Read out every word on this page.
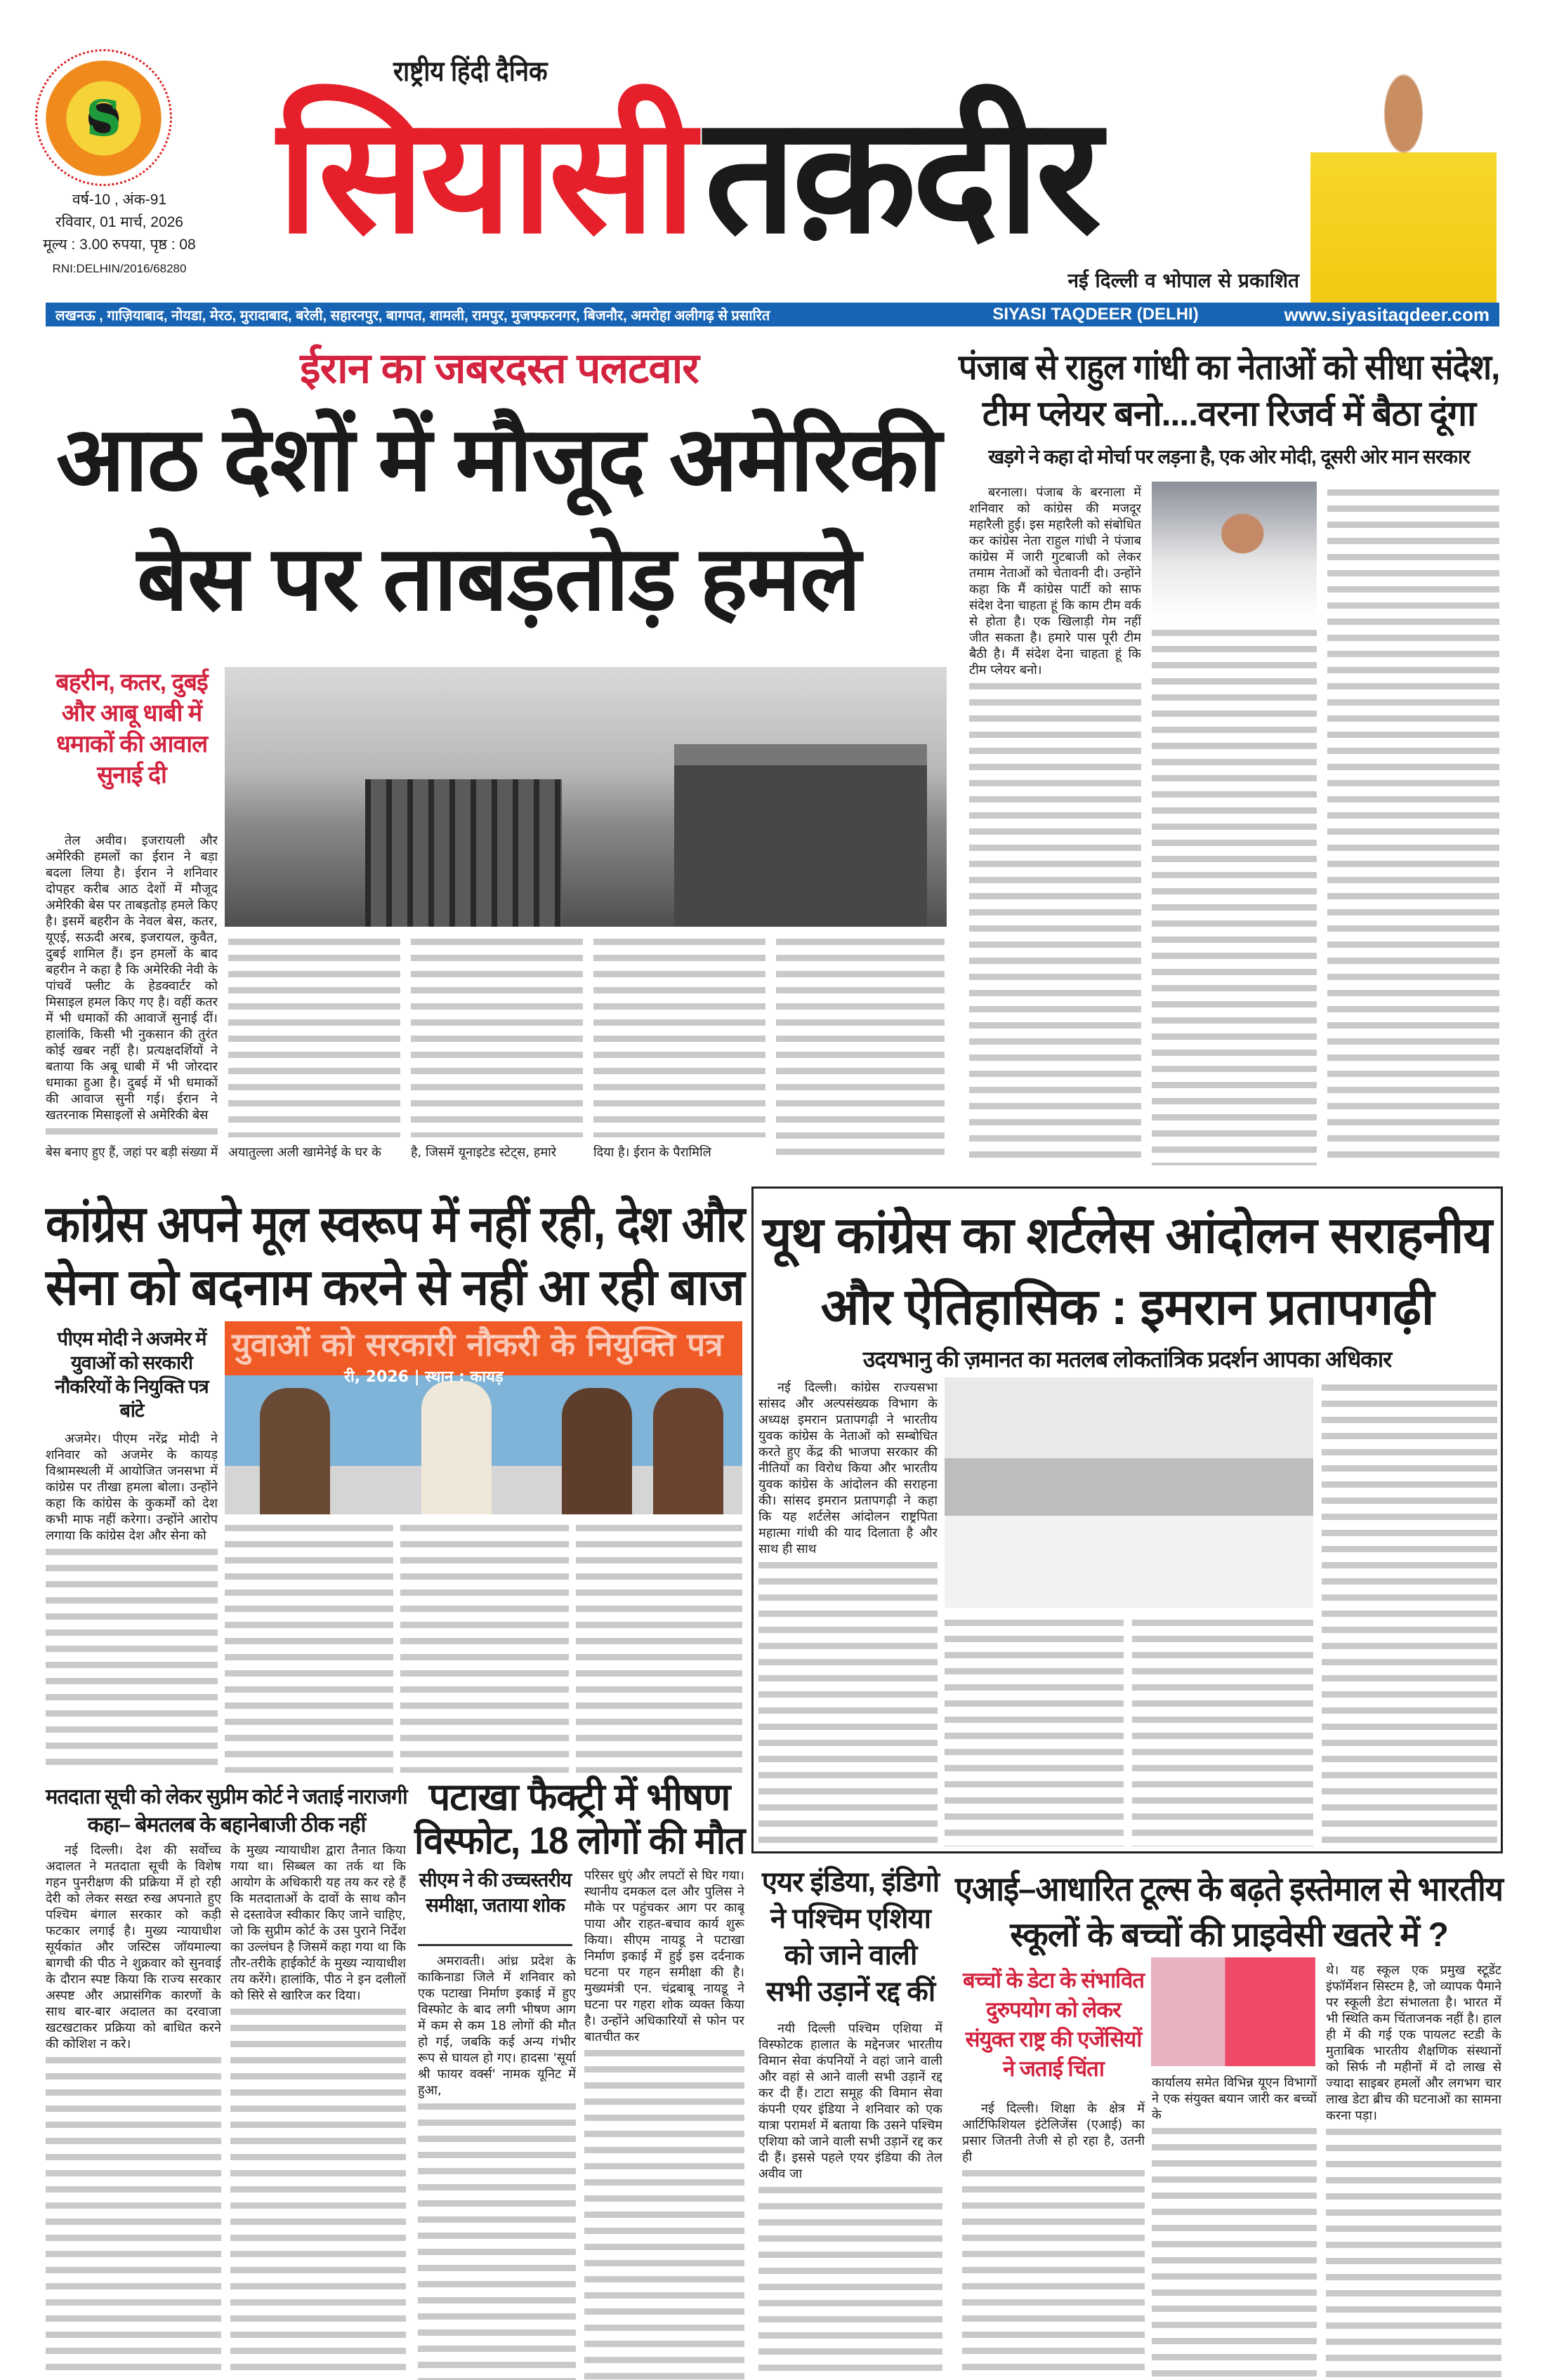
S
वर्ष-10 , अंक-91
रविवार, 01 मार्च, 2026
मूल्य : 3.00 रुपया, पृष्ठ : 08
RNI:DELHIN/2016/68280
राष्ट्रीय हिंदी दैनिक
सियासी तक़दीर
नई दिल्ली व भोपाल से प्रकाशित
लखनऊ , गाज़ियाबाद, नोयडा, मेरठ, मुरादाबाद, बरेली, सहारनपुर, बागपत, शामली, रामपुर, मुजफ्फरनगर, बिजनौर, अमरोहा अलीगढ़ से प्रसारित	SIYASI TAQDEER (DELHI)	www.siyasitaqdeer.com
ईरान का जबरदस्त पलटवार
आठ देशों में मौजूद अमेरिकी
बेस पर ताबड़तोड़ हमले
बहरीन, कतर, दुबई और आबू धाबी में धमाकों की आवाल सुनाई दी

तेल अवीव। इजरायली और अमेरिकी हमलों का ईरान ने बड़ा बदला लिया है। ईरान ने शनिवार दोपहर करीब आठ देशों में मौजूद अमेरिकी बेस पर ताबड़तोड़ हमले किए है। इसमें बहरीन के नेवल बेस, कतर, यूएई, सऊदी अरब, इजरायल, कुवैत, दुबई शामिल हैं। इन हमलों के बाद बहरीन ने कहा है कि अमेरिकी नेवी के पांचवें फ्लीट के हेडक्वार्टर को मिसाइल हमल किए गए है। वहीं कतर में भी धमाकों की आवाजें सुनाई दीं। हालांकि, किसी भी नुकसान की तुरंत कोई खबर नहीं है। प्रत्यक्षदर्शियों ने बताया कि अबू धाबी में भी जोरदार धमाका हुआ है। दुबई में भी धमाकों की आवाज सुनी गई। ईरान ने खतरनाक मिसाइलों से अमेरिकी बेस

बेस बनाए हुए हैं, जहां पर बड़ी संख्या में अयातुल्ला अली खामेनेई के घर के	है, जिसमें यूनाइटेड स्टेट्स, हमारे	दिया है। ईरान के पैरामिलि
पंजाब से राहुल गांधी का नेताओं को सीधा संदेश,
टीम प्लेयर बनो....वरना रिजर्व में बैठा दूंगा
खड़गे ने कहा दो मोर्चा पर लड़ना है, एक ओर मोदी, दूसरी ओर मान सरकार

बरनाला। पंजाब के बरनाला में शनिवार को कांग्रेस की मजदूर महारैली हुई। इस महारैली को संबोधित कर कांग्रेस नेता राहुल गांधी ने पंजाब कांग्रेस में जारी गुटबाजी को लेकर तमाम नेताओं को चेतावनी दी। उन्होंने कहा कि मैं कांग्रेस पार्टी को साफ संदेश देना चाहता हूं कि काम टीम वर्क से होता है। एक खिलाड़ी गेम नहीं जीत सकता है। हमारे पास पूरी टीम बैठी है। मैं संदेश देना चाहता हूं कि टीम प्लेयर बनो।

कांग्रेस अपने मूल स्वरूप में नहीं रही, देश और
सेना को बदनाम करने से नहीं आ रही बाज
पीएम मोदी ने अजमेर में युवाओं को सरकारी नौकरियों के नियुक्ति पत्र बांटे

अजमेर। पीएम नरेंद्र मोदी ने शनिवार को अजमेर के कायड़ विश्रामस्थली में आयोजित जनसभा में कांग्रेस पर तीखा हमला बोला। उन्होंने कहा कि कांग्रेस के कुकर्मों को देश कभी माफ नहीं करेगा। उन्होंने आरोप लगाया कि कांग्रेस देश और सेना को

युवाओं को सरकारी नौकरी के नियुक्ति पत्र
री, 2026 | स्थान : कायड़
यूथ कांग्रेस का शर्टलेस आंदोलन सराहनीय
और ऐतिहासिक : इमरान प्रतापगढ़ी
उदयभानु की ज़मानत का मतलब लोकतांत्रिक प्रदर्शन आपका अधिकार

नई दिल्ली। कांग्रेस राज्यसभा सांसद और अल्पसंख्यक विभाग के अध्यक्ष इमरान प्रतापगढ़ी ने भारतीय युवक कांग्रेस के नेताओं को सम्बोधित करते हुए केंद्र की भाजपा सरकार की नीतियों का विरोध किया और भारतीय युवक कांग्रेस के आंदोलन की सराहना की। सांसद इमरान प्रतापगढ़ी ने कहा कि यह शर्टलेस आंदोलन राष्ट्रपिता महात्मा गांधी की याद दिलाता है और साथ ही साथ

मतदाता सूची को लेकर सुप्रीम कोर्ट ने जताई नाराजगी
कहा– बेमतलब के बहानेबाजी ठीक नहीं

नई दिल्ली। देश की सर्वोच्च अदालत ने मतदाता सूची के विशेष गहन पुनरीक्षण की प्रक्रिया में हो रही देरी को लेकर सख्त रुख अपनाते हुए पश्चिम बंगाल सरकार को कड़ी फटकार लगाई है। मुख्य न्यायाधीश सूर्यकांत और जस्टिस जॉयमाल्या बागची की पीठ ने शुक्रवार को सुनवाई के दौरान स्पष्ट किया कि राज्य सरकार अस्पष्ट और अप्रासंगिक कारणों के साथ बार-बार अदालत का दरवाजा खटखटाकर प्रक्रिया को बाधित करने की कोशिश न करे।

के मुख्य न्यायाधीश द्वारा तैनात किया गया था। सिब्बल का तर्क था कि आयोग के अधिकारी यह तय कर रहे हैं कि मतदाताओं के दावों के साथ कौन से दस्तावेज स्वीकार किए जाने चाहिए, जो कि सुप्रीम कोर्ट के उस पुराने निर्देश का उल्लंघन है जिसमें कहा गया था कि तौर-तरीके हाईकोर्ट के मुख्य न्यायाधीश तय करेंगे। हालांकि, पीठ ने इन दलीलों को सिरे से खारिज कर दिया।

पटाखा फैक्ट्री में भीषण
विस्फोट, 18 लोगों की मौत
सीएम ने की उच्चस्तरीय समीक्षा, जताया शोक

अमरावती। आंध्र प्रदेश के काकिनाडा जिले में शनिवार को एक पटाखा निर्माण इकाई में हुए विस्फोट के बाद लगी भीषण आग में कम से कम 18 लोगों की मौत हो गई, जबकि कई अन्य गंभीर रूप से घायल हो गए। हादसा 'सूर्या श्री फायर वर्क्स' नामक यूनिट में हुआ,

परिसर धुएं और लपटों से घिर गया। स्थानीय दमकल दल और पुलिस ने मौके पर पहुंचकर आग पर काबू पाया और राहत-बचाव कार्य शुरू किया। सीएम नायडू ने पटाखा निर्माण इकाई में हुई इस दर्दनाक घटना पर गहन समीक्षा की है। मुख्यमंत्री एन. चंद्रबाबू नायडू ने घटना पर गहरा शोक व्यक्त किया है। उन्होंने अधिकारियों से फोन पर बातचीत कर

एयर इंडिया, इंडिगो ने पश्चिम एशिया को जाने वाली सभी उड़ानें रद्द कीं

नयी दिल्ली पश्चिम एशिया में विस्फोटक हालात के मद्देनजर भारतीय विमान सेवा कंपनियों ने वहां जाने वाली और वहां से आने वाली सभी उड़ानें रद्द कर दी हैं। टाटा समूह की विमान सेवा कंपनी एयर इंडिया ने शनिवार को एक यात्रा परामर्श में बताया कि उसने पश्चिम एशिया को जाने वाली सभी उड़ानें रद्द कर दी हैं। इससे पहले एयर इंडिया की तेल अवीव जा

एआई–आधारित टूल्स के बढ़ते इस्तेमाल से भारतीय
स्कूलों के बच्चों की प्राइवेसी खतरे में ?
बच्चों के डेटा के संभावित दुरुपयोग को लेकर संयुक्त राष्ट्र की एजेंसियों ने जताई चिंता

नई दिल्ली। शिक्षा के क्षेत्र में आर्टिफिशियल इंटेलिजेंस (एआई) का प्रसार जितनी तेजी से हो रहा है, उतनी ही

कार्यालय समेत विभिन्न यूएन विभागों ने एक संयुक्त बयान जारी कर बच्चों के

थे। यह स्कूल एक प्रमुख स्टूडेंट इंफॉर्मेशन सिस्टम है, जो व्यापक पैमाने पर स्कूली डेटा संभालता है। भारत में भी स्थिति कम चिंताजनक नहीं है। हाल ही में की गई एक पायलट स्टडी के मुताबिक भारतीय शैक्षणिक संस्थानों को सिर्फ नौ महीनों में दो लाख से ज्यादा साइबर हमलों और लगभग चार लाख डेटा ब्रीच की घटनाओं का सामना करना पड़ा।
